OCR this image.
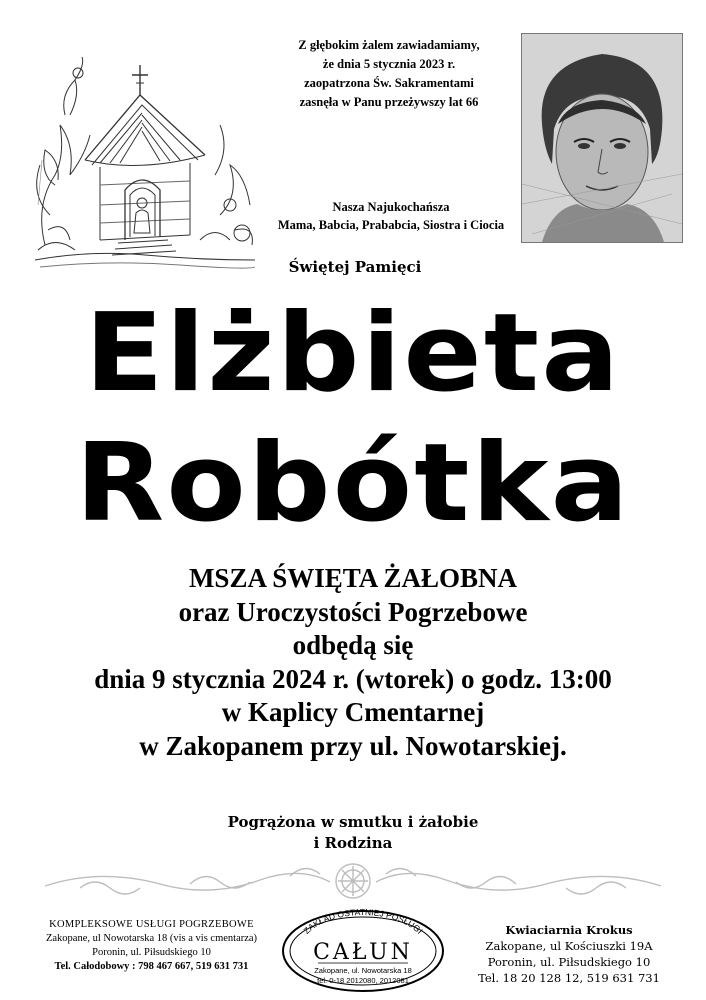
Z głębokim żalem zawiadamiamy,
że dnia 5 stycznia 2023 r.
zaopatrzona Św. Sakramentami
zasnęła w Panu przeżywszy lat 66
Nasza Najukochańsza
Mama, Babcia, Prababcia, Siostra i Ciocia
Świętej Pamięci
Elżbieta
Robótka
MSZA ŚWIĘTA ŻAŁOBNA
oraz Uroczystości Pogrzebowe
odbędą się
dnia 9 stycznia 2024 r. (wtorek) o godz. 13:00
w Kaplicy Cmentarnej
w Zakopanem przy ul. Nowotarskiej.
Pogrążona w smutku i żałobie
i Rodzina
KOMPLEKSOWE USŁUGI POGRZEBOWE
Zakopane, ul Nowotarska 18 (vis a vis cmentarza)
Poronin, ul. Piłsudskiego 10
Tel. Całodobowy : 798 467 667, 519 631 731
ZAKŁAD OSTATNIEJ POSŁUGI
CAŁUN
Zakopane, ul. Nowotarska 18
tel. 0-18 2012080, 2012081
Kwiaciarnia Krokus
Zakopane, ul Kościuszki 19A
Poronin, ul. Piłsudskiego 10
Tel. 18 20 128 12, 519 631 731
